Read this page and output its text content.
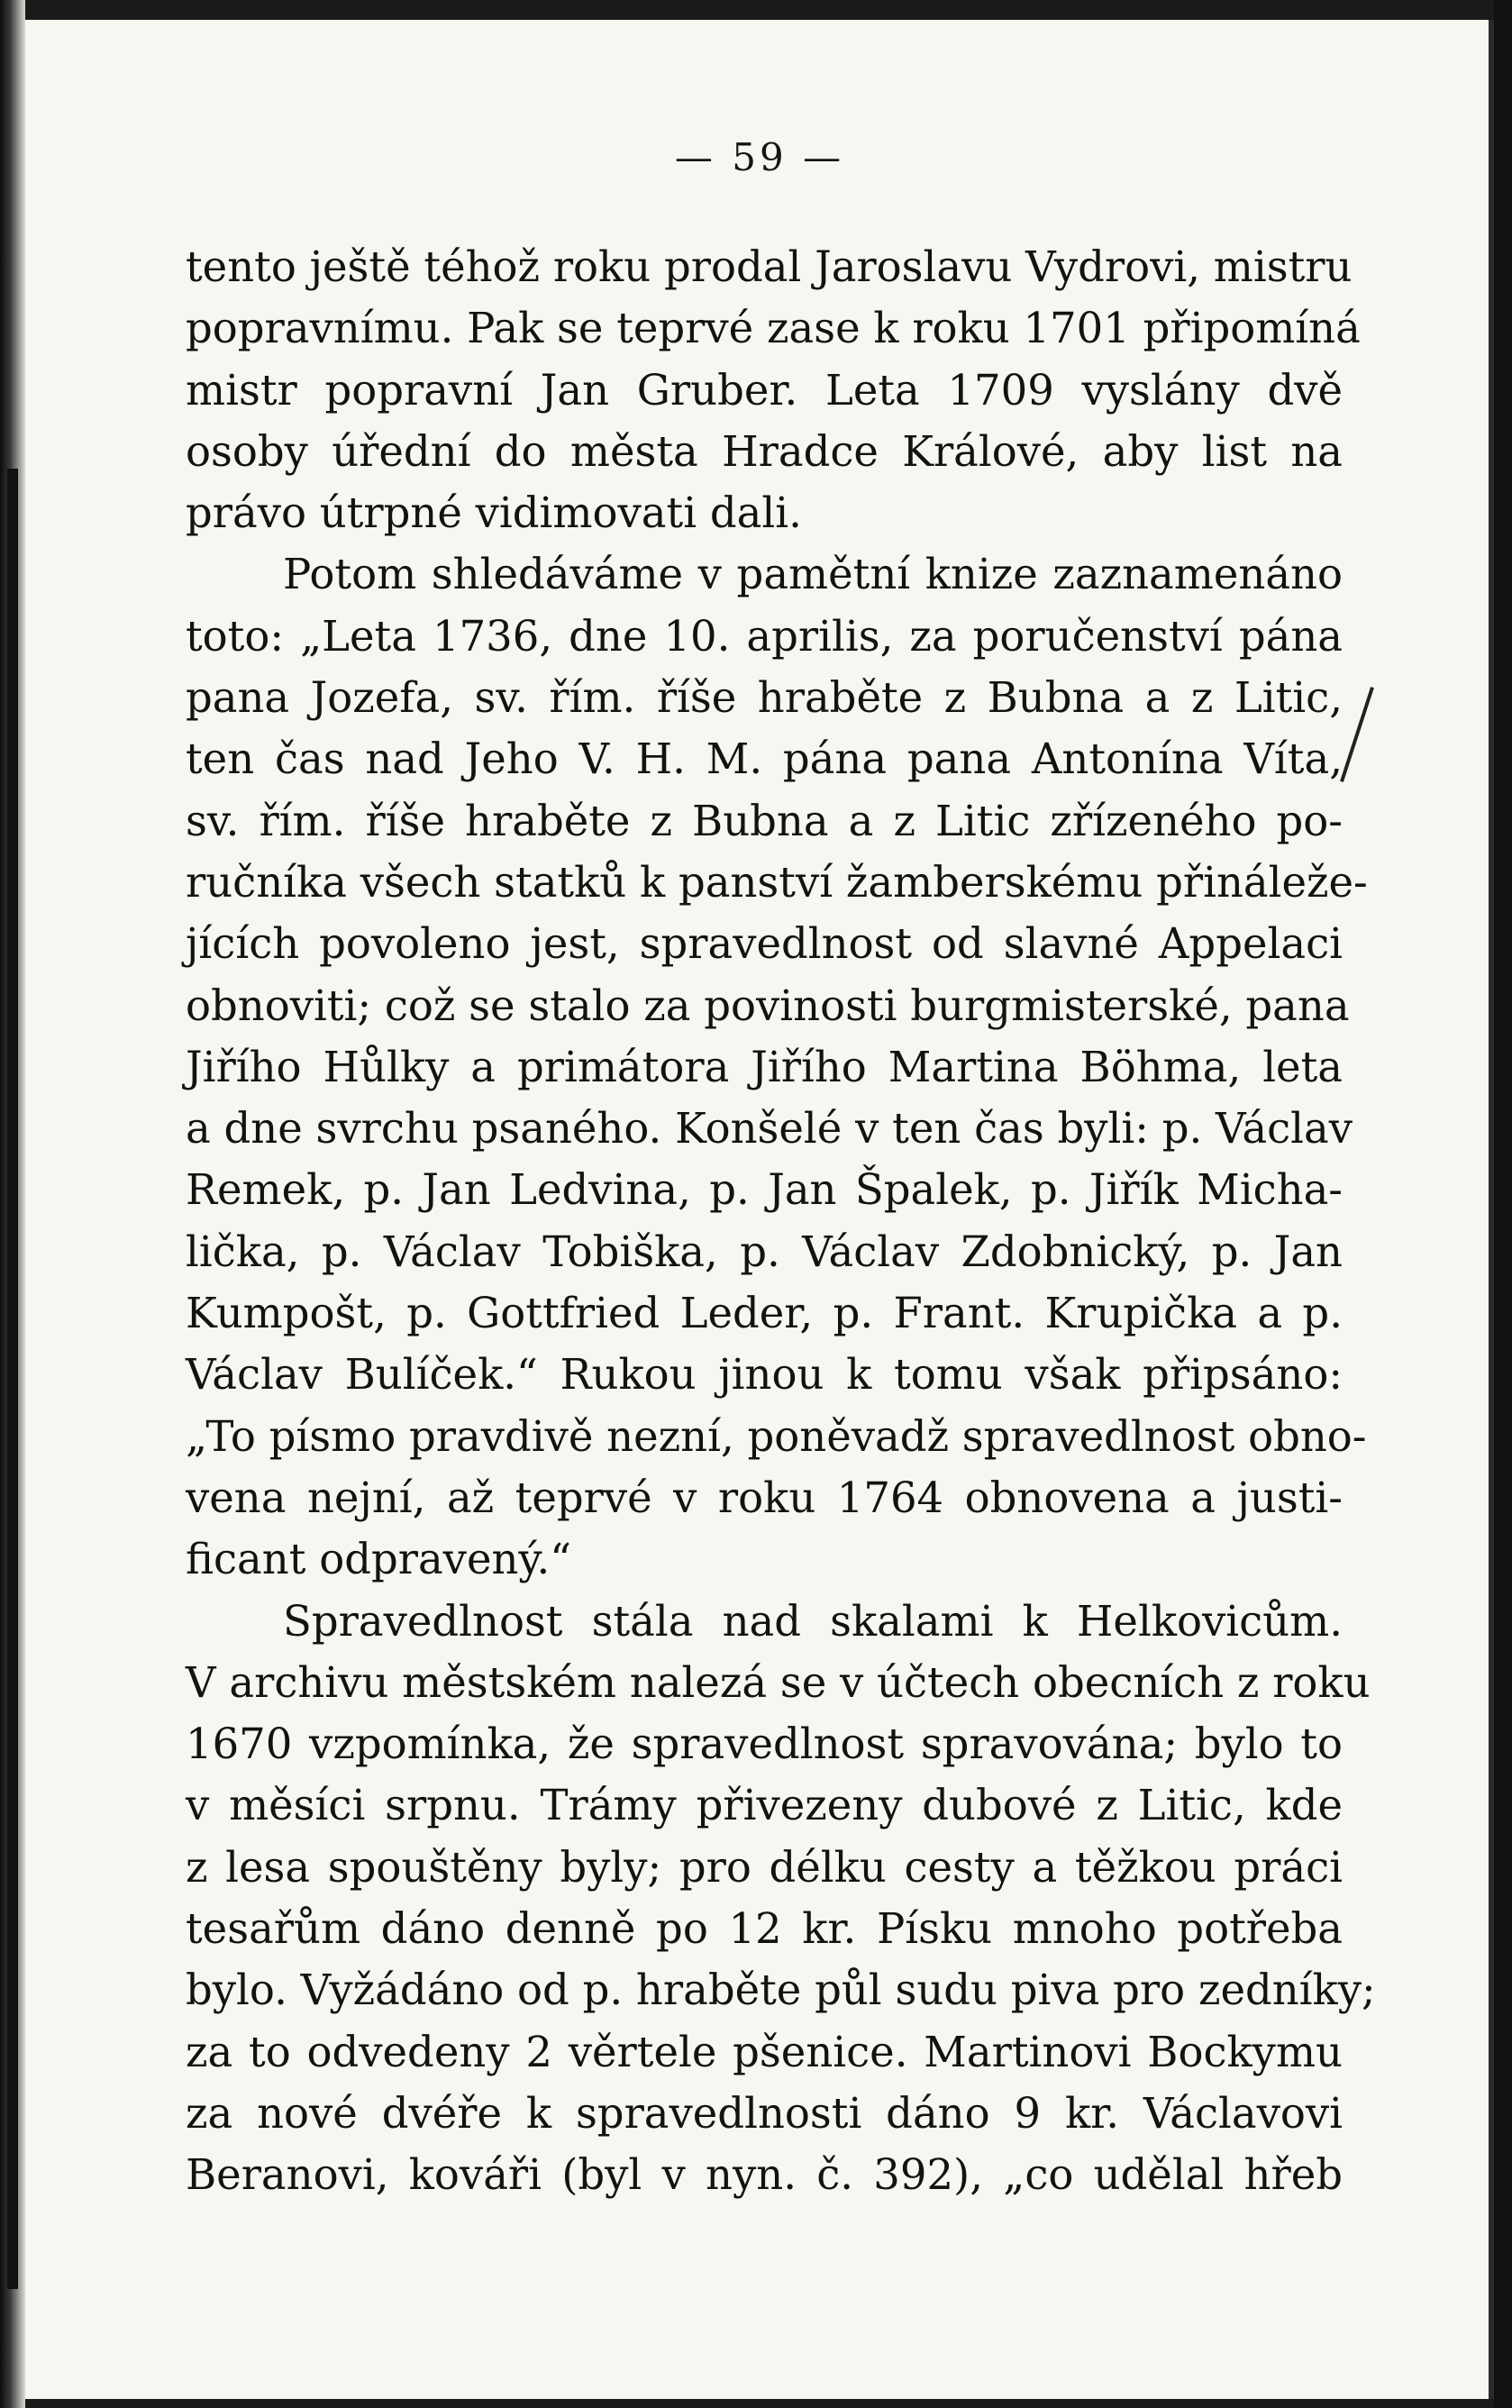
— 59 —
tento ještě téhož roku prodal Jaroslavu Vydrovi, mistru
popravnímu. Pak se teprvé zase k roku 1701 připomíná
mistr popravní Jan Gruber. Leta 1709 vyslány dvě
osoby úřední do města Hradce Králové, aby list na
právo útrpné vidimovati dali.
Potom shledáváme v pamětní knize zaznamenáno
toto: „Leta 1736, dne 10. aprilis, za poručenství pána
pana Jozefa, sv. řím. říše hraběte z Bubna a z Litic,
ten čas nad Jeho V. H. M. pána pana Antonína Víta,
sv. řím. říše hraběte z Bubna a z Litic zřízeného po-
ručníka všech statků k panství žamberskému přináleže-
jících povoleno jest, spravedlnost od slavné Appelaci
obnoviti; což se stalo za povinosti burgmisterské, pana
Jiřího Hůlky a primátora Jiřího Martina Böhma, leta
a dne svrchu psaného. Konšelé v ten čas byli: p. Václav
Remek, p. Jan Ledvina, p. Jan Špalek, p. Jiřík Micha-
lička, p. Václav Tobiška, p. Václav Zdobnický, p. Jan
Kumpošt, p. Gottfried Leder, p. Frant. Krupička a p.
Václav Bulíček.“ Rukou jinou k tomu však připsáno:
„To písmo pravdivě nezní, poněvadž spravedlnost obno-
vena nejní, až teprvé v roku 1764 obnovena a justi-
ficant odpravený.“
Spravedlnost stála nad skalami k Helkovicům.
V archivu městském nalezá se v účtech obecních z roku
1670 vzpomínka, že spravedlnost spravována; bylo to
v měsíci srpnu. Trámy přivezeny dubové z Litic, kde
z lesa spouštěny byly; pro délku cesty a těžkou práci
tesařům dáno denně po 12 kr. Písku mnoho potřeba
bylo. Vyžádáno od p. hraběte půl sudu piva pro zedníky;
za to odvedeny 2 věrtele pšenice. Martinovi Bockymu
za nové dvéře k spravedlnosti dáno 9 kr. Václavovi
Beranovi, kováři (byl v nyn. č. 392), „co udělal hřeb
